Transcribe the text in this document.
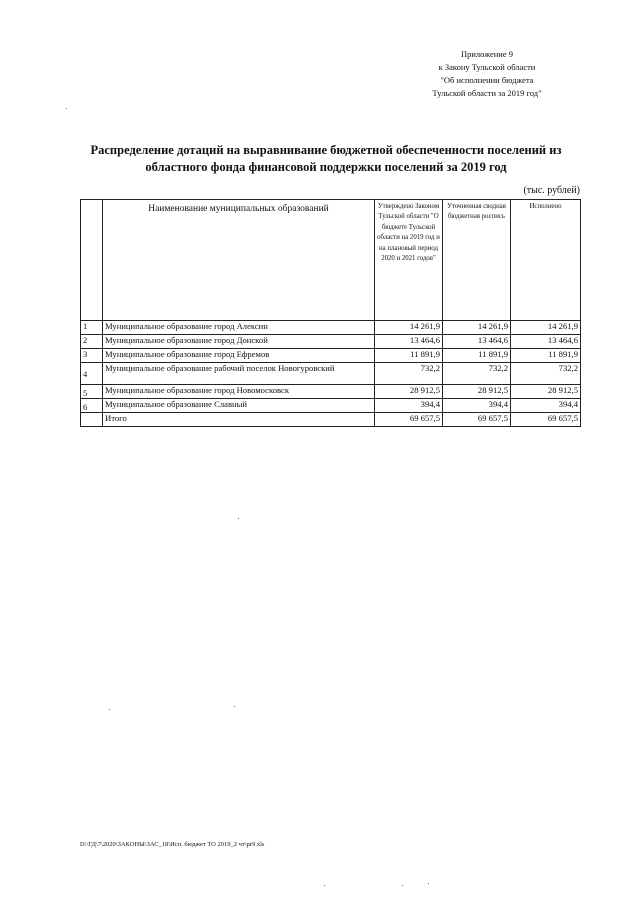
Приложение 9
к Закону Тульской области
"Об исполнении бюджета
Тульской области за 2019 год"
Распределение дотаций на выравнивание бюджетной обеспеченности поселений из
областного фонда финансовой поддержки поселений за 2019 год
(тыс. рублей)
	Наименование муниципальных образований	Утверждено Законом Тульской области "О бюджете Тульской области на 2019 год и на плановый период 2020 и 2021 годов"	Уточненная сводная бюджетная роспись	Исполнено
1	Муниципальное образование город Алексин	14 261,9	14 261,9	14 261,9
2	Муниципальное образование город Донской	13 464,6	13 464,6	13 464,6
3	Муниципальное образование город Ефремов	11 891,9	11 891,9	11 891,9
4	Муниципальное образование рабочий поселок Новогуровский	732,2	732,2	732,2
5	Муниципальное образование город Новомосковск	28 912,5	28 912,5	28 912,5
6	Муниципальное образование Славный	394,4	394,4	394,4
	Итого	69 657,5	69 657,5	69 657,5
D:\ГД\7\2020\ЗАКОНЫ\ЗАС_18\Исп. бюджет ТО 2019_2 чт\pr9.xls
